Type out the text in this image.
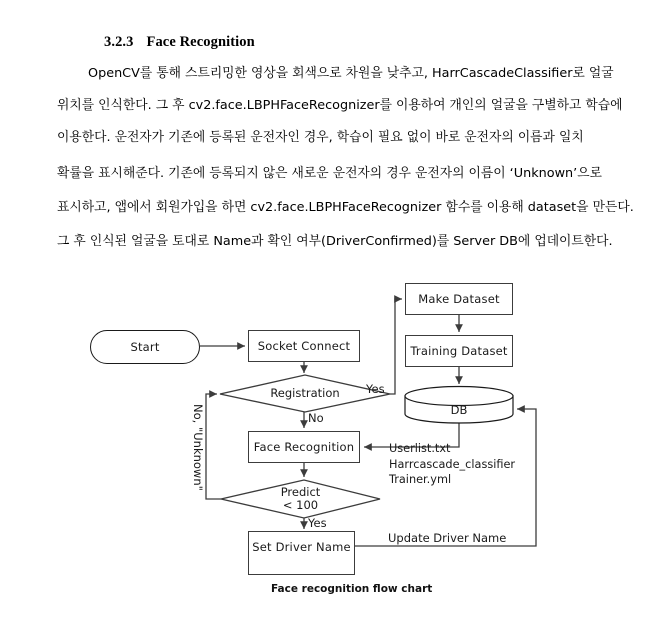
3.2.3 Face Recognition
OpenCV를 통해 스트리밍한 영상을 회색으로 차원을 낮추고, HarrCascadeClassifier로 얼굴
위치를 인식한다. 그 후 cv2.face.LBPHFaceRecognizer를 이용하여 개인의 얼굴을 구별하고 학습에
이용한다. 운전자가 기존에 등록된 운전자인 경우, 학습이 필요 없이 바로 운전자의 이름과 일치
확률을 표시해준다. 기존에 등록되지 않은 새로운 운전자의 경우 운전자의 이름이 ‘Unknown’으로
표시하고, 앱에서 회원가입을 하면 cv2.face.LBPHFaceRecognizer 함수를 이용해 dataset을 만든다.
그 후 인식된 얼굴을 토대로 Name과 확인 여부(DriverConfirmed)를 Server DB에 업데이트한다.
Start	Socket Connect
Registration
Face Recognition
Predict
< 100
Set Driver Name
Make Dataset
Training Dataset
DB
Yes
No
Yes
No, "Unknown"
Update Driver Name
Userlist.txt
Harrcascade_classifier
Trainer.yml
Face recognition flow chart
